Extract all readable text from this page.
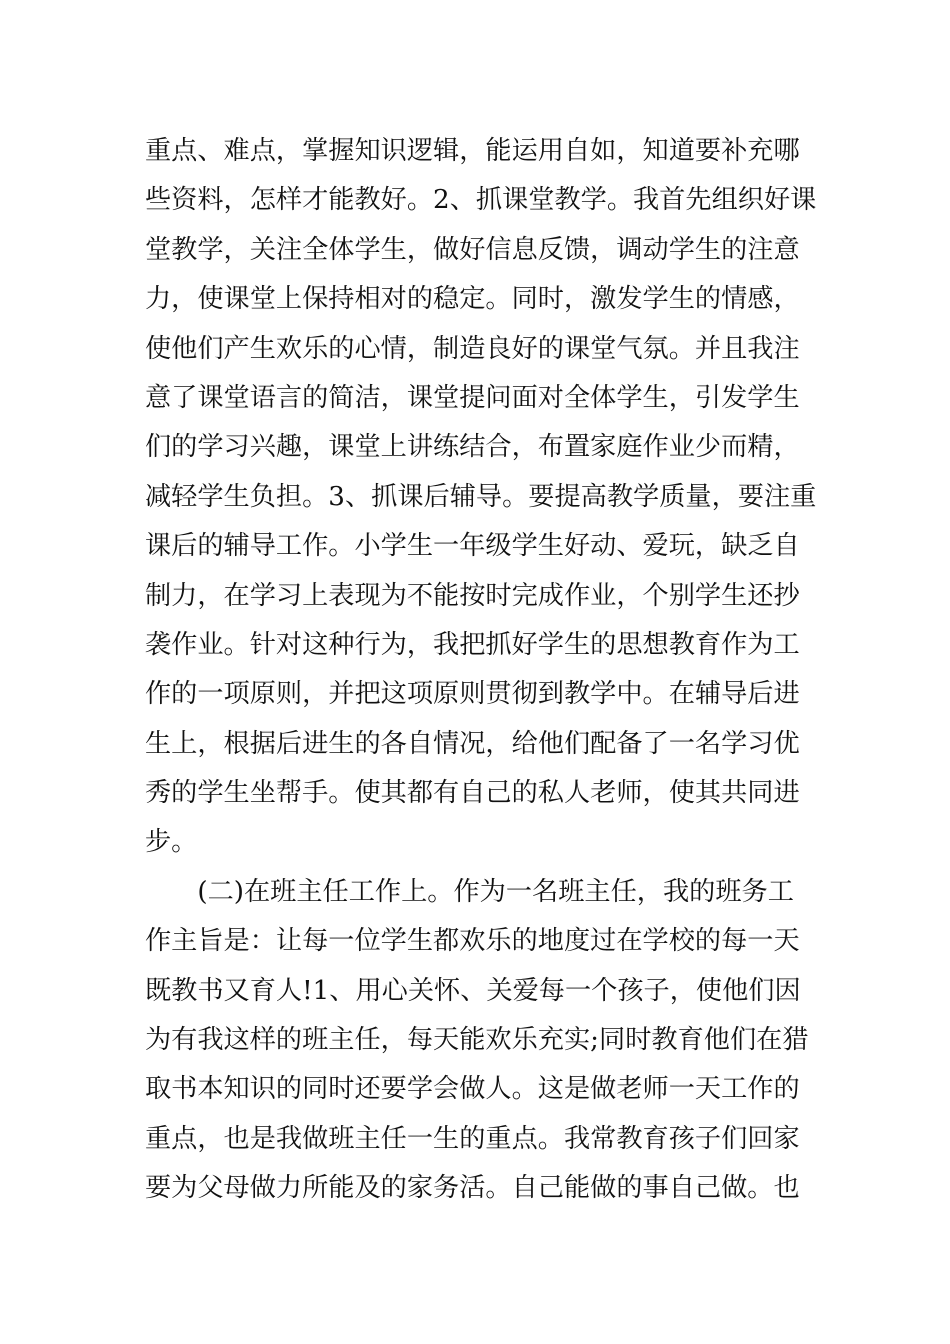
重点、难点，掌握知识逻辑，能运用自如，知道要补充哪
些资料，怎样才能教好。2、抓课堂教学。我首先组织好课
堂教学，关注全体学生，做好信息反馈，调动学生的注意
力，使课堂上保持相对的稳定。同时，激发学生的情感，
使他们产生欢乐的心情，制造良好的课堂气氛。并且我注
意了课堂语言的简洁，课堂提问面对全体学生，引发学生
们的学习兴趣，课堂上讲练结合，布置家庭作业少而精，
减轻学生负担。3、抓课后辅导。要提高教学质量，要注重
课后的辅导工作。小学生一年级学生好动、爱玩，缺乏自
制力，在学习上表现为不能按时完成作业，个别学生还抄
袭作业。针对这种行为，我把抓好学生的思想教育作为工
作的一项原则，并把这项原则贯彻到教学中。在辅导后进
生上，根据后进生的各自情况，给他们配备了一名学习优
秀的学生坐帮手。使其都有自己的私人老师，使其共同进
步。
　　(二)在班主任工作上。作为一名班主任，我的班务工
作主旨是：让每一位学生都欢乐的地度过在学校的每一天
既教书又育人!1、用心关怀、关爱每一个孩子，使他们因
为有我这样的班主任，每天能欢乐充实;同时教育他们在猎
取书本知识的同时还要学会做人。这是做老师一天工作的
重点，也是我做班主任一生的重点。我常教育孩子们回家
要为父母做力所能及的家务活。自己能做的事自己做。也
